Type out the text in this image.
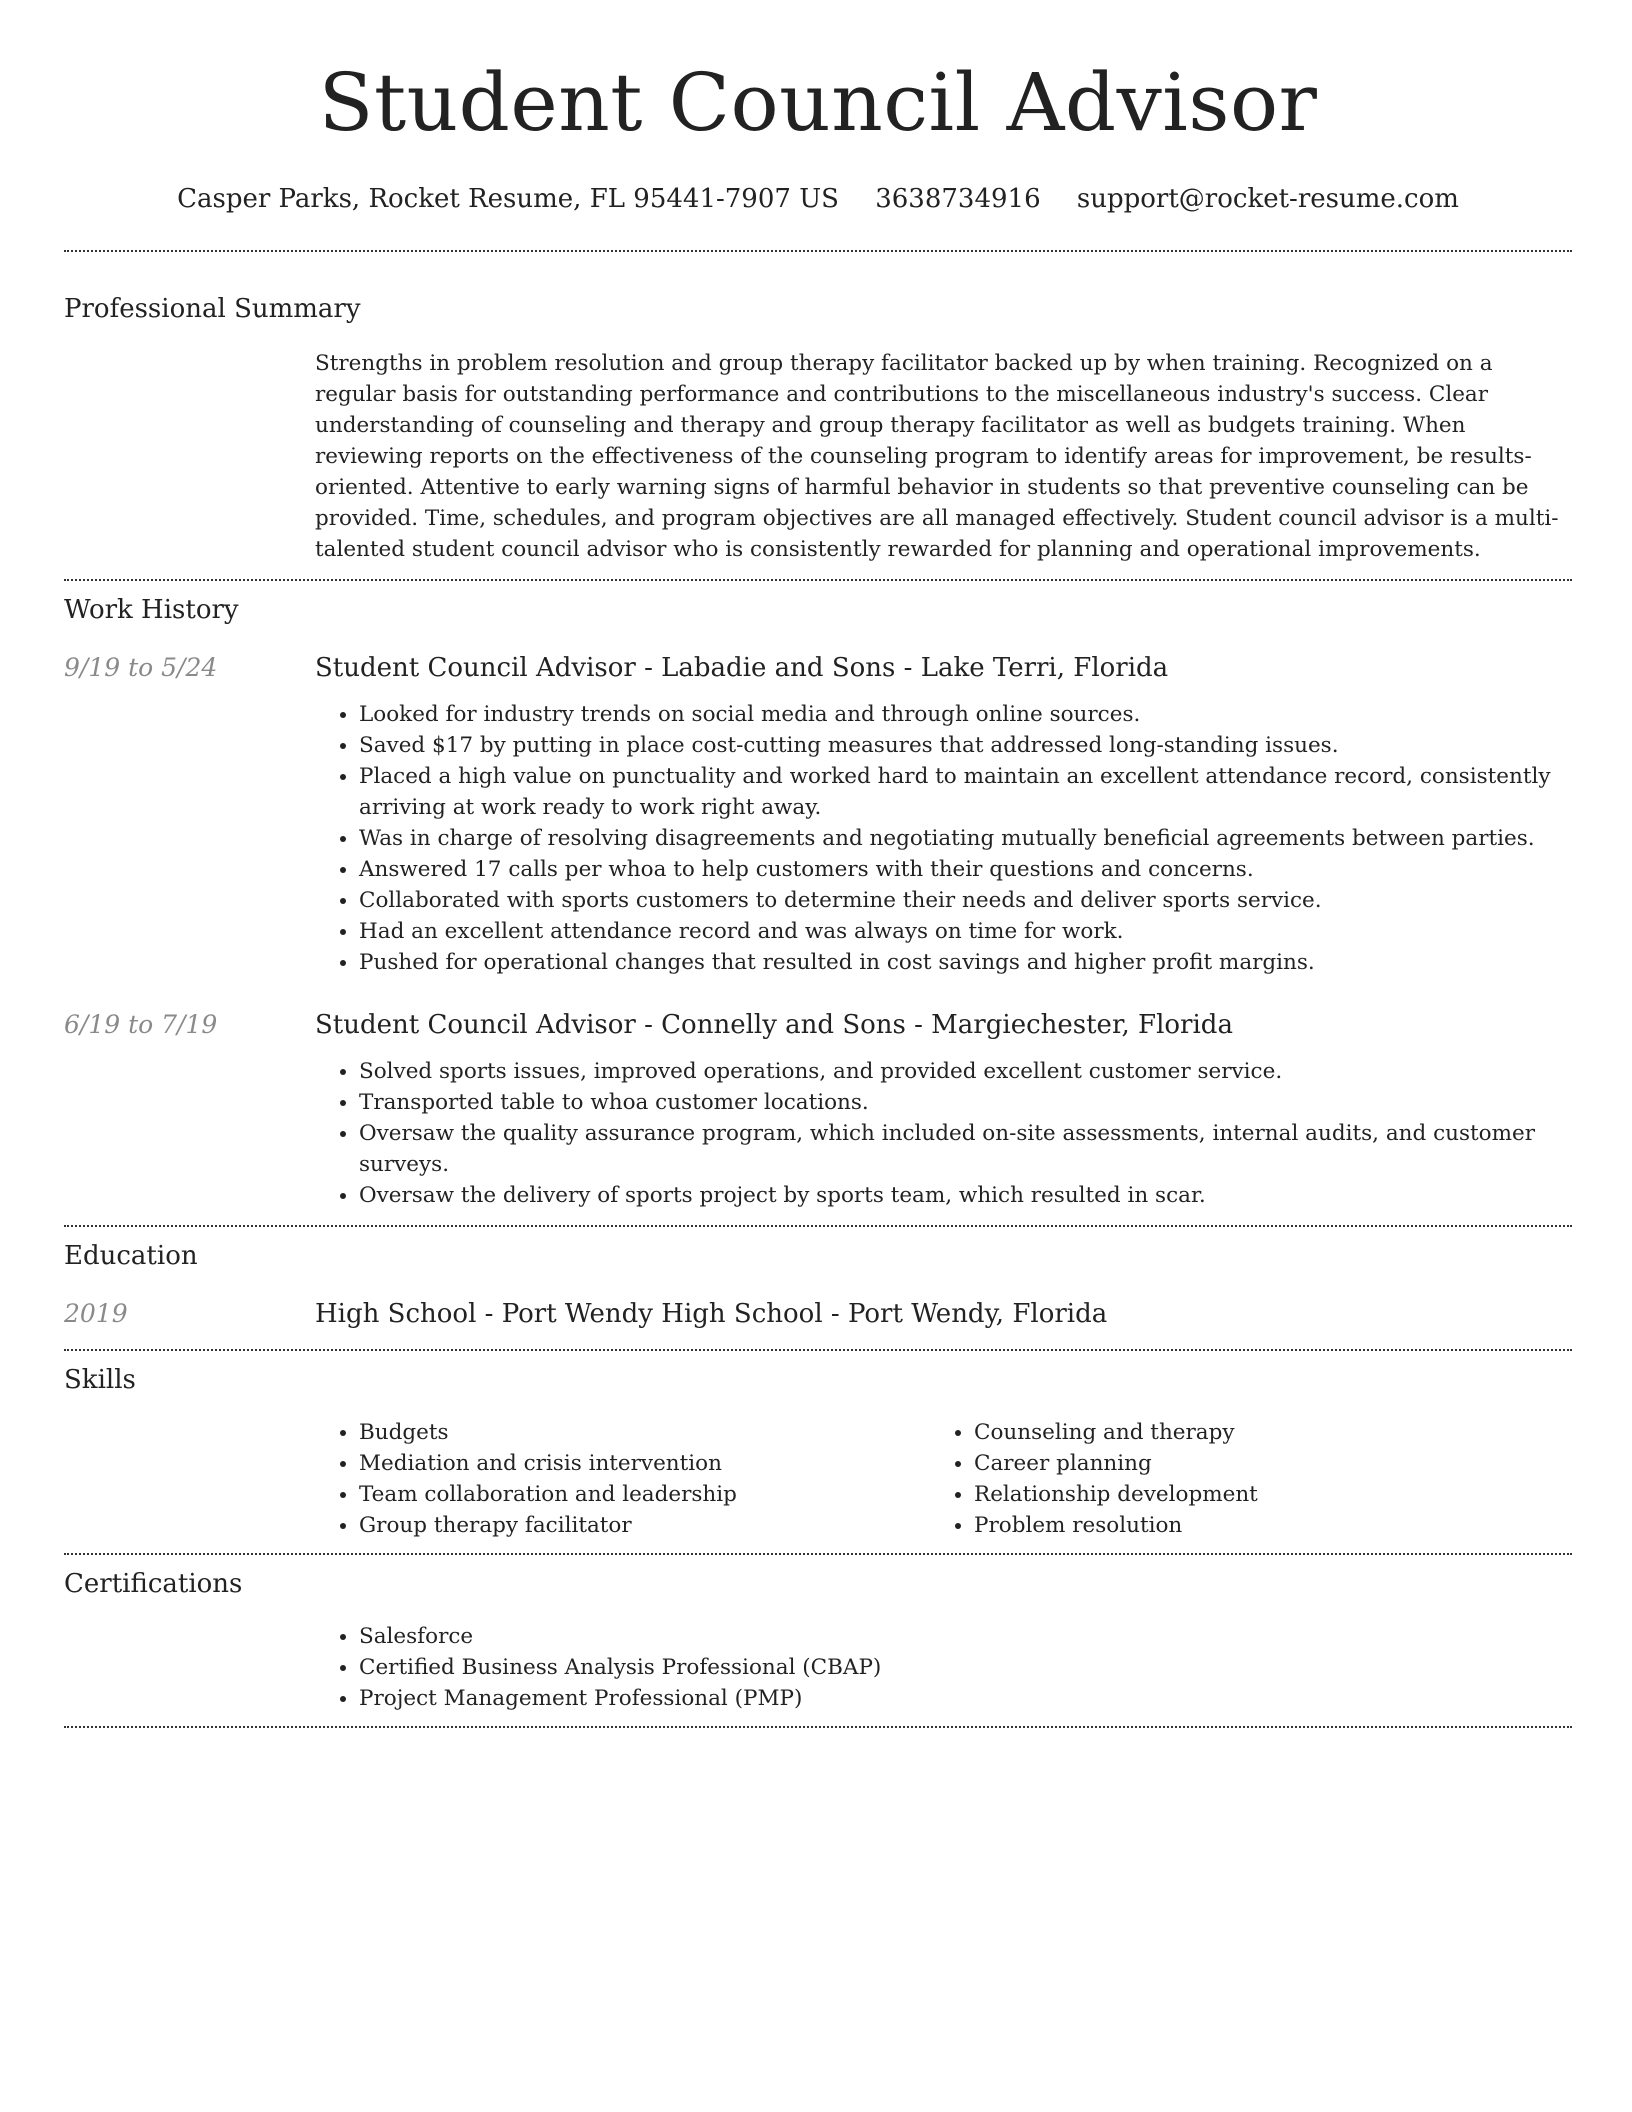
Student Council Advisor
Casper Parks, Rocket Resume, FL 95441-7907 US 3638734916 support@rocket-resume.com
Professional Summary

Strengths in problem resolution and group therapy facilitator backed up by when training. Recognized on a regular basis for outstanding performance and contributions to the miscellaneous industry's success. Clear understanding of counseling and therapy and group therapy facilitator as well as budgets training. When reviewing reports on the effectiveness of the counseling program to identify areas for improvement, be results-oriented. Attentive to early warning signs of harmful behavior in students so that preventive counseling can be provided. Time, schedules, and program objectives are all managed effectively. Student council advisor is a multi-talented student council advisor who is consistently rewarded for planning and operational improvements.

Work History
9/19 to 5/24	Student Council Advisor - Labadie and Sons - Lake Terri, Florida
• Looked for industry trends on social media and through online sources.
• Saved $17 by putting in place cost-cutting measures that addressed long-standing issues.
• Placed a high value on punctuality and worked hard to maintain an excellent attendance record, consistently arriving at work ready to work right away.
• Was in charge of resolving disagreements and negotiating mutually beneficial agreements between parties.
• Answered 17 calls per whoa to help customers with their questions and concerns.
• Collaborated with sports customers to determine their needs and deliver sports service.
• Had an excellent attendance record and was always on time for work.
• Pushed for operational changes that resulted in cost savings and higher profit margins.
6/19 to 7/19	Student Council Advisor - Connelly and Sons - Margiechester, Florida
• Solved sports issues, improved operations, and provided excellent customer service.
• Transported table to whoa customer locations.
• Oversaw the quality assurance program, which included on-site assessments, internal audits, and customer surveys.
• Oversaw the delivery of sports project by sports team, which resulted in scar.
Education
2019	High School - Port Wendy High School - Port Wendy, Florida
Skills
• Budgets
• Mediation and crisis intervention
• Team collaboration and leadership
• Group therapy facilitator
• Counseling and therapy
• Career planning
• Relationship development
• Problem resolution
Certifications
• Salesforce
• Certified Business Analysis Professional (CBAP)
• Project Management Professional (PMP)
